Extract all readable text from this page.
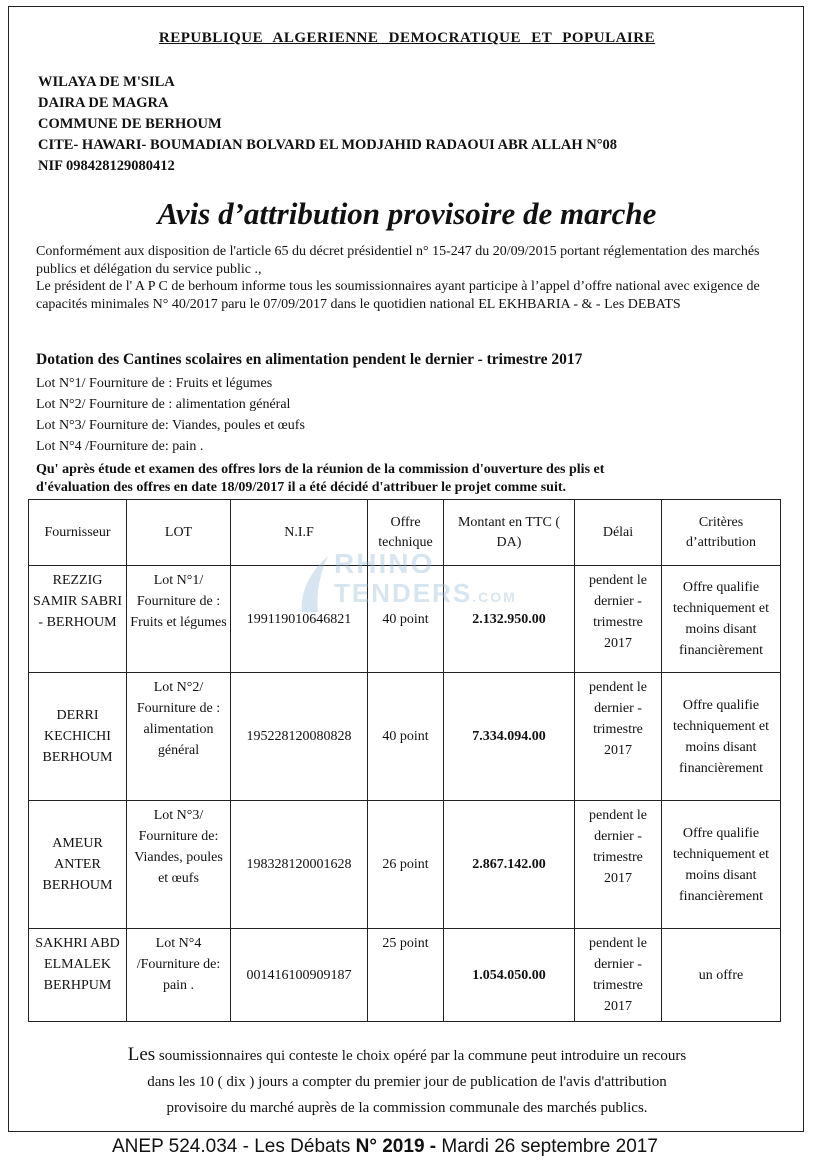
REPUBLIQUE ALGERIENNE DEMOCRATIQUE ET POPULAIRE
WILAYA DE M'SILA
DAIRA DE MAGRA
COMMUNE DE BERHOUM
CITE- HAWARI- BOUMADIAN BOLVARD EL MODJAHID RADAOUI ABR ALLAH N°08
NIF 098428129080412
Avis d’attribution provisoire de marche

Conformément aux disposition de l'article 65 du décret présidentiel n° 15-247 du 20/09/2015 portant réglementation des marchés publics et délégation du service public .,

Le président de l' A P C de berhoum informe tous les soumissionnaires ayant participe à l’appel d’offre national avec exigence de capacités minimales N° 40/2017 paru le 07/09/2017 dans le quotidien national EL EKHBARIA - & - Les DEBATS

Dotation des Cantines scolaires en alimentation pendent le dernier - trimestre 2017
Lot N°1/ Fourniture de : Fruits et légumes
Lot N°2/ Fourniture de : alimentation général
Lot N°3/ Fourniture de: Viandes, poules et œufs
Lot N°4 /Fourniture de: pain .
Qu' après étude et examen des offres lors de la réunion de la commission d'ouverture des plis et
d'évaluation des offres en date 18/09/2017 il a été décidé d'attribuer le projet comme suit.
Fournisseur	LOT	N.I.F	Offre technique	Montant en TTC ( DA)	Délai	Critères d’attribution
REZZIG SAMIR SABRI - BERHOUM	Lot N°1/ Fourniture de : Fruits et légumes	199119010646821	40 point	2.132.950.00	pendent le dernier - trimestre 2017	Offre qualifie techniquement et moins disant financièrement
DERRI KECHICHI BERHOUM	Lot N°2/ Fourniture de : alimentation général	195228120080828	40 point	7.334.094.00	pendent le dernier - trimestre 2017	Offre qualifie techniquement et moins disant financièrement
AMEUR ANTER BERHOUM	Lot N°3/ Fourniture de: Viandes, poules et œufs	198328120001628	26 point	2.867.142.00	pendent le dernier - trimestre 2017	Offre qualifie techniquement et moins disant financièrement
SAKHRI ABD ELMALEK BERHPUM	Lot N°4 /Fourniture de: pain .	001416100909187	25 point	1.054.050.00	pendent le dernier - trimestre 2017	un offre
RHINO
TENDERS.COM
Les soumissionnaires qui conteste le choix opéré par la commune peut introduire un recours
dans les 10 ( dix ) jours a compter du premier jour de publication de l'avis d'attribution
provisoire du marché auprès de la commission communale des marchés publics.
ANEP 524.034 - Les Débats N° 2019 - Mardi 26 septembre 2017
